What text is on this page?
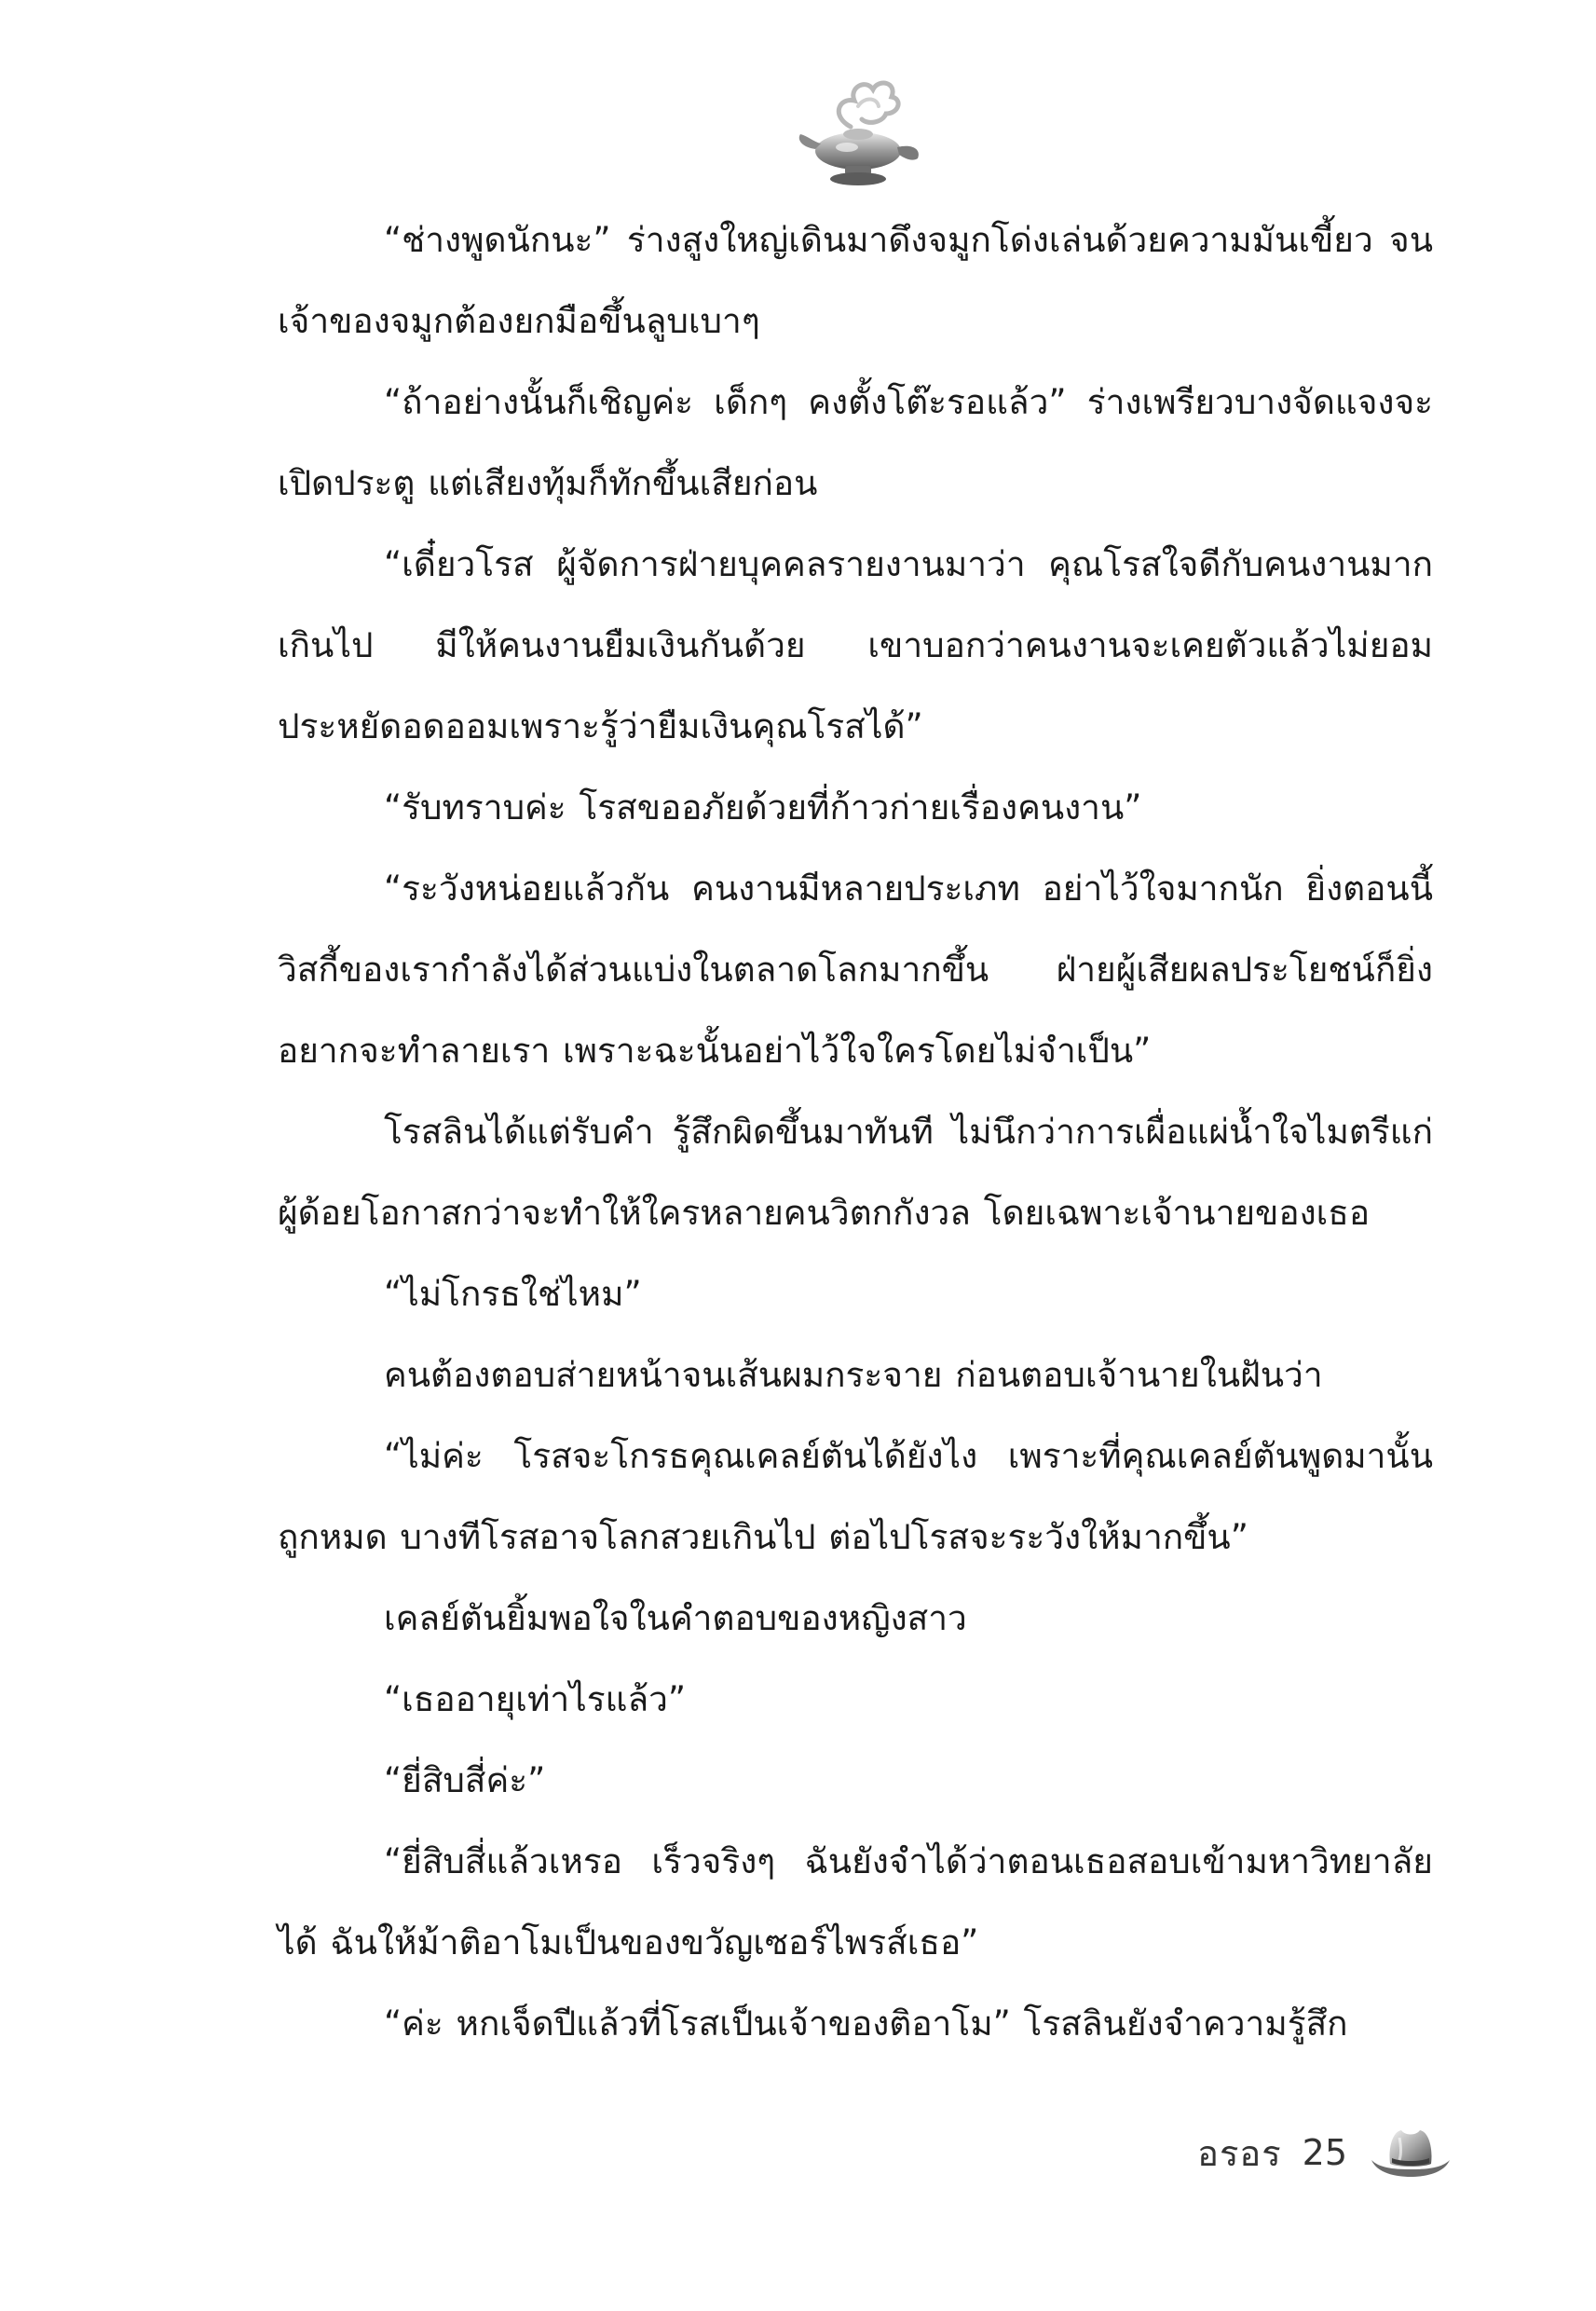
“ช่างพูดนักนะ” ร่างสูงใหญ่เดินมาดึงจมูกโด่งเล่นด้วยความมันเขี้ยว จนเจ้าของจมูกต้องยกมือขึ้นลูบเบาๆ

“ถ้าอย่างนั้นก็เชิญค่ะ เด็กๆ คงตั้งโต๊ะรอแล้ว” ร่างเพรียวบางจัดแจงจะเปิดประตู แต่เสียงทุ้มก็ทักขึ้นเสียก่อน

“เดี๋ยวโรส ผู้จัดการฝ่ายบุคคลรายงานมาว่า คุณโรสใจดีกับคนงานมากเกินไป มีให้คนงานยืมเงินกันด้วย เขาบอกว่าคนงานจะเคยตัวแล้วไม่ยอมประหยัดอดออมเพราะรู้ว่ายืมเงินคุณโรสได้”

“รับทราบค่ะ โรสขออภัยด้วยที่ก้าวก่ายเรื่องคนงาน”

“ระวังหน่อยแล้วกัน คนงานมีหลายประเภท อย่าไว้ใจมากนัก ยิ่งตอนนี้วิสกี้ของเรากำลังได้ส่วนแบ่งในตลาดโลกมากขึ้น ฝ่ายผู้เสียผลประโยชน์ก็ยิ่งอยากจะทำลายเรา เพราะฉะนั้นอย่าไว้ใจใครโดยไม่จำเป็น”

โรสลินได้แต่รับคำ รู้สึกผิดขึ้นมาทันที ไม่นึกว่าการเผื่อแผ่น้ำใจไมตรีแก่ผู้ด้อยโอกาสกว่าจะทำให้ใครหลายคนวิตกกังวล โดยเฉพาะเจ้านายของเธอ

“ไม่โกรธใช่ไหม”

คนต้องตอบส่ายหน้าจนเส้นผมกระจาย ก่อนตอบเจ้านายในฝันว่า

“ไม่ค่ะ โรสจะโกรธคุณเคลย์ตันได้ยังไง เพราะที่คุณเคลย์ตันพูดมานั้นถูกหมด บางทีโรสอาจโลกสวยเกินไป ต่อไปโรสจะระวังให้มากขึ้น”

เคลย์ตันยิ้มพอใจในคำตอบของหญิงสาว

“เธออายุเท่าไรแล้ว”

“ยี่สิบสี่ค่ะ”

“ยี่สิบสี่แล้วเหรอ เร็วจริงๆ ฉันยังจำได้ว่าตอนเธอสอบเข้ามหาวิทยาลัยได้ ฉันให้ม้าติอาโมเป็นของขวัญเซอร์ไพรส์เธอ”

“ค่ะ หกเจ็ดปีแล้วที่โรสเป็นเจ้าของติอาโม” โรสลินยังจำความรู้สึก

อรอร 25
